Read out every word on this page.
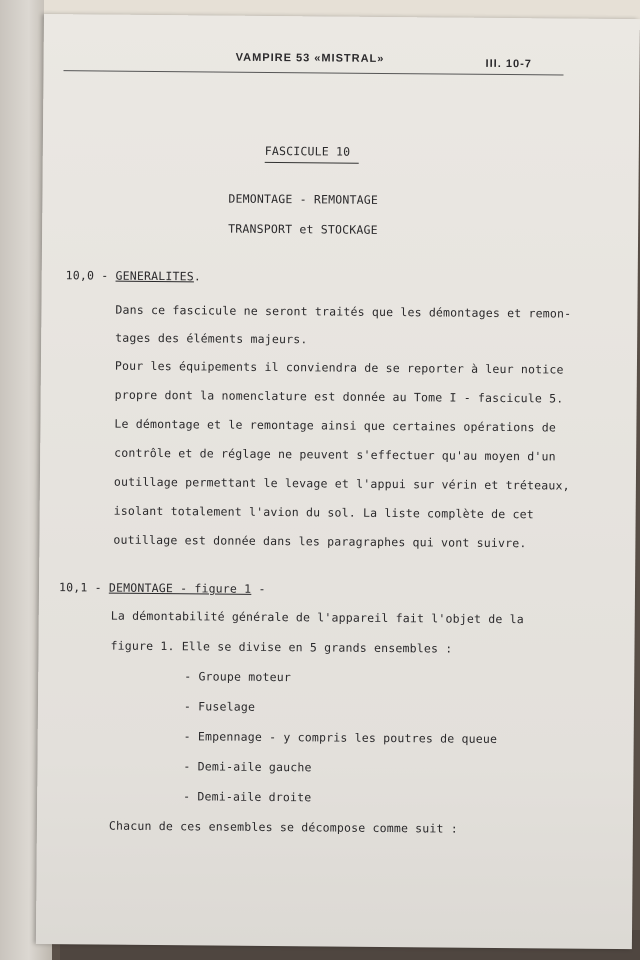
VAMPIRE 53 «MISTRAL»	III. 10-7
FASCICULE 10
DEMONTAGE - REMONTAGE
TRANSPORT et STOCKAGE
10,0 - GENERALITES.
Dans ce fascicule ne seront traités que les démontages et remon-
tages des éléments majeurs.
Pour les équipements il conviendra de se reporter à leur notice
propre dont la nomenclature est donnée au Tome I - fascicule 5.
Le démontage et le remontage ainsi que certaines opérations de
contrôle et de réglage ne peuvent s'effectuer qu'au moyen d'un
outillage permettant le levage et l'appui sur vérin et tréteaux,
isolant totalement l'avion du sol. La liste complète de cet
outillage est donnée dans les paragraphes qui vont suivre.
10,1 - DEMONTAGE - figure 1 -
La démontabilité générale de l'appareil fait l'objet de la
figure 1. Elle se divise en 5 grands ensembles :
- Groupe moteur
- Fuselage
- Empennage - y compris les poutres de queue
- Demi-aile gauche
- Demi-aile droite
Chacun de ces ensembles se décompose comme suit :
